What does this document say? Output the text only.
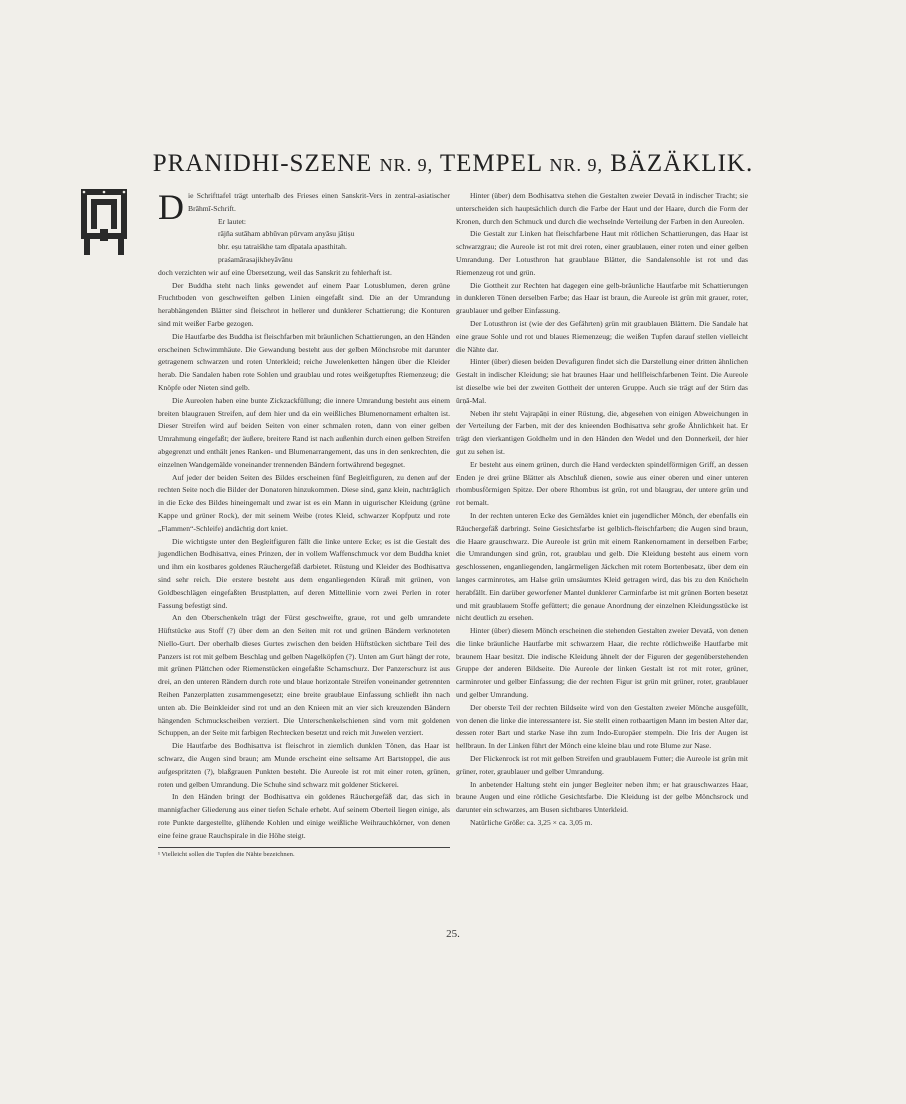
PRANIDHI-SZENE NR. 9, TEMPEL NR. 9, BÄZÄKLIK.

D ie Schrifttafel trägt unterhalb des Frieses einen Sanskrit-Vers in zentral-asiatischer Brāhmī-Schrift.

Er lautet:
rājña sutāham abhūvan pūrvam anyāsu jātiṣu
bhr. eṣu tatraiśkhe tam dīpatala apasthitah.
praśamārasajikheyāvānu

doch verzichten wir auf eine Übersetzung, weil das Sanskrit zu fehlerhaft ist.

Der Buddha steht nach links gewendet auf einem Paar Lotusblumen, deren grüne Fruchtboden von geschweiften gelben Linien eingefaßt sind. Die an der Umrandung herabhängenden Blätter sind fleischrot in hellerer und dunklerer Schattierung; die Konturen sind mit weißer Farbe gezogen.

Die Hautfarbe des Buddha ist fleischfarben mit bräunlichen Schattierungen, an den Händen erscheinen Schwimmhäute. Die Gewandung besteht aus der gelben Mönchsrobe mit darunter getragenem schwarzen und roten Unterkleid; reiche Juwelenketten hängen über die Kleider herab. Die Sandalen haben rote Sohlen und graublau und rotes weißgetupftes Riemenzeug; die Knöpfe oder Nieten sind gelb.

Die Aureolen haben eine bunte Zickzackfüllung; die innere Umrandung besteht aus einem breiten blaugrauen Streifen, auf dem hier und da ein weißliches Blumenornament erhalten ist. Dieser Streifen wird auf beiden Seiten von einer schmalen roten, dann von einer gelben Umrahmung eingefaßt; der äußere, breitere Rand ist nach außenhin durch einen gelben Streifen abgegrenzt und enthält jenes Ranken- und Blumenarrangement, das uns in den senkrechten, die einzelnen Wandgemälde voneinander trennenden Bändern fortwährend begegnet.

Auf jeder der beiden Seiten des Bildes erscheinen fünf Begleitfiguren, zu denen auf der rechten Seite noch die Bilder der Donatoren hinzukommen. Diese sind, ganz klein, nachträglich in die Ecke des Bildes hineingemalt und zwar ist es ein Mann in uigurischer Kleidung (grüne Kappe und grüner Rock), der mit seinem Weibe (rotes Kleid, schwarzer Kopfputz und rote „Flammen“-Schleife) andächtig dort kniet.

Die wichtigste unter den Begleitfiguren fällt die linke untere Ecke; es ist die Gestalt des jugendlichen Bodhisattva, eines Prinzen, der in vollem Waffenschmuck vor dem Buddha kniet und ihm ein kostbares goldenes Räuchergefäß darbietet. Rüstung und Kleider des Bodhisattva sind sehr reich. Die erstere besteht aus dem enganliegenden Küraß mit grünen, von Goldbeschlägen eingefaßten Brustplatten, auf deren Mittellinie vorn zwei Perlen in roter Fassung befestigt sind.

An den Oberschenkeln trägt der Fürst geschweifte, graue, rot und gelb umrandete Hüftstücke aus Stoff (?) über dem an den Seiten mit rot und grünen Bändern verknoteten Niello-Gurt. Der oberhalb dieses Gurtes zwischen den beiden Hüftstücken sichtbare Teil des Panzers ist rot mit gelbem Beschlag und gelben Nagelköpfen (?). Unten am Gurt hängt der rote, mit grünen Plättchen oder Riemenstücken eingefaßte Schamschurz. Der Panzerschurz ist aus drei, an den unteren Rändern durch rote und blaue horizontale Streifen voneinander getrennten Reihen Panzerplatten zusammengesetzt; eine breite graublaue Einfassung schließt ihn nach unten ab. Die Beinkleider sind rot und an den Knieen mit an vier sich kreuzenden Bändern hängenden Schmuckscheiben verziert. Die Unterschenkelschienen sind vorn mit goldenen Schuppen, an der Seite mit farbigen Rechtecken besetzt und reich mit Juwelen verziert.

Die Hautfarbe des Bodhisattva ist fleischrot in ziemlich dunklen Tönen, das Haar ist schwarz, die Augen sind braun; am Munde erscheint eine seltsame Art Bartstoppel, die aus aufgespritzten (?), blaßgrauen Punkten besteht. Die Aureole ist rot mit einer roten, grünen, roten und gelben Umrandung. Die Schuhe sind schwarz mit goldener Stickerei.

In den Händen bringt der Bodhisattva ein goldenes Räuchergefäß dar, das sich in mannigfacher Gliederung aus einer tiefen Schale erhebt. Auf seinem Oberteil liegen einige, als rote Punkte dargestellte, glühende Kohlen und einige weißliche Weihrauchkörner, von denen eine feine graue Rauchspirale in die Höhe steigt.

¹ Vielleicht sollen die Tupfen die Nähte bezeichnen.

Hinter (über) dem Bodhisattva stehen die Gestalten zweier Devatā in indischer Tracht; sie unterscheiden sich hauptsächlich durch die Farbe der Haut und der Haare, durch die Form der Kronen, durch den Schmuck und durch die wechselnde Verteilung der Farben in den Aureolen.

Die Gestalt zur Linken hat fleischfarbene Haut mit rötlichen Schattierungen, das Haar ist schwarzgrau; die Aureole ist rot mit drei roten, einer graublauen, einer roten und einer gelben Umrandung. Der Lotusthron hat graublaue Blätter, die Sandalensohle ist rot und das Riemenzeug rot und grün.

Die Gottheit zur Rechten hat dagegen eine gelb-bräunliche Hautfarbe mit Schattierungen in dunkleren Tönen derselben Farbe; das Haar ist braun, die Aureole ist grün mit grauer, roter, graublauer und gelber Einfassung.

Der Lotusthron ist (wie der des Gefährten) grün mit graublauen Blättern. Die Sandale hat eine graue Sohle und rot und blaues Riemenzeug; die weißen Tupfen darauf stellen vielleicht die Nähte dar.

Hinter (über) diesen beiden Devafiguren findet sich die Darstellung einer dritten ähnlichen Gestalt in indischer Kleidung; sie hat braunes Haar und hellfleischfarbenen Teint. Die Aureole ist dieselbe wie bei der zweiten Gottheit der unteren Gruppe. Auch sie trägt auf der Stirn das ūrṇā-Mal.

Neben ihr steht Vajrapāṇi in einer Rüstung, die, abgesehen von einigen Abweichungen in der Verteilung der Farben, mit der des knieenden Bodhisattva sehr große Ähnlichkeit hat. Er trägt den vierkantigen Goldhelm und in den Händen den Wedel und den Donnerkeil, der hier gut zu sehen ist.

Er besteht aus einem grünen, durch die Hand verdeckten spindelförmigen Griff, an dessen Enden je drei grüne Blätter als Abschluß dienen, sowie aus einer oberen und einer unteren rhombusförmigen Spitze. Der obere Rhombus ist grün, rot und blaugrau, der untere grün und rot bemalt.

In der rechten unteren Ecke des Gemäldes kniet ein jugendlicher Mönch, der ebenfalls ein Räuchergefäß darbringt. Seine Gesichtsfarbe ist gelblich-fleischfarben; die Augen sind braun, die Haare grauschwarz. Die Aureole ist grün mit einem Rankenornament in derselben Farbe; die Umrandungen sind grün, rot, graublau und gelb. Die Kleidung besteht aus einem vorn geschlossenen, enganliegenden, langärmeligen Jäckchen mit rotem Bortenbesatz, über dem ein langes carminrotes, am Halse grün umsäumtes Kleid getragen wird, das bis zu den Knöcheln herabfällt. Ein darüber geworfener Mantel dunklerer Carminfarbe ist mit grünen Borten besetzt und mit graublauem Stoffe gefüttert; die genaue Anordnung der einzelnen Kleidungsstücke ist nicht deutlich zu ersehen.

Hinter (über) diesem Mönch erscheinen die stehenden Gestalten zweier Devatā, von denen die linke bräunliche Hautfarbe mit schwarzem Haar, die rechte rötlichweiße Hautfarbe mit braunem Haar besitzt. Die indische Kleidung ähnelt der der Figuren der gegenüberstehenden Gruppe der anderen Bildseite. Die Aureole der linken Gestalt ist rot mit roter, grüner, carminroter und gelber Einfassung; die der rechten Figur ist grün mit grüner, roter, graublauer und gelber Umrandung.

Der oberste Teil der rechten Bildseite wird von den Gestalten zweier Mönche ausgefüllt, von denen die linke die interessantere ist. Sie stellt einen rotbaartigen Mann im besten Alter dar, dessen roter Bart und starke Nase ihn zum Indo-Europäer stempeln. Die Iris der Augen ist hellbraun. In der Linken führt der Mönch eine kleine blau und rote Blume zur Nase.

Der Flickenrock ist rot mit gelben Streifen und graublauem Futter; die Aureole ist grün mit grüner, roter, graublauer und gelber Umrandung.

In anbetender Haltung steht ein junger Begleiter neben ihm; er hat grauschwarzes Haar, braune Augen und eine rötliche Gesichtsfarbe. Die Kleidung ist der gelbe Mönchsrock und darunter ein schwarzes, am Busen sichtbares Unterkleid.

Natürliche Größe: ca. 3,25 × ca. 3,05 m.

25.
